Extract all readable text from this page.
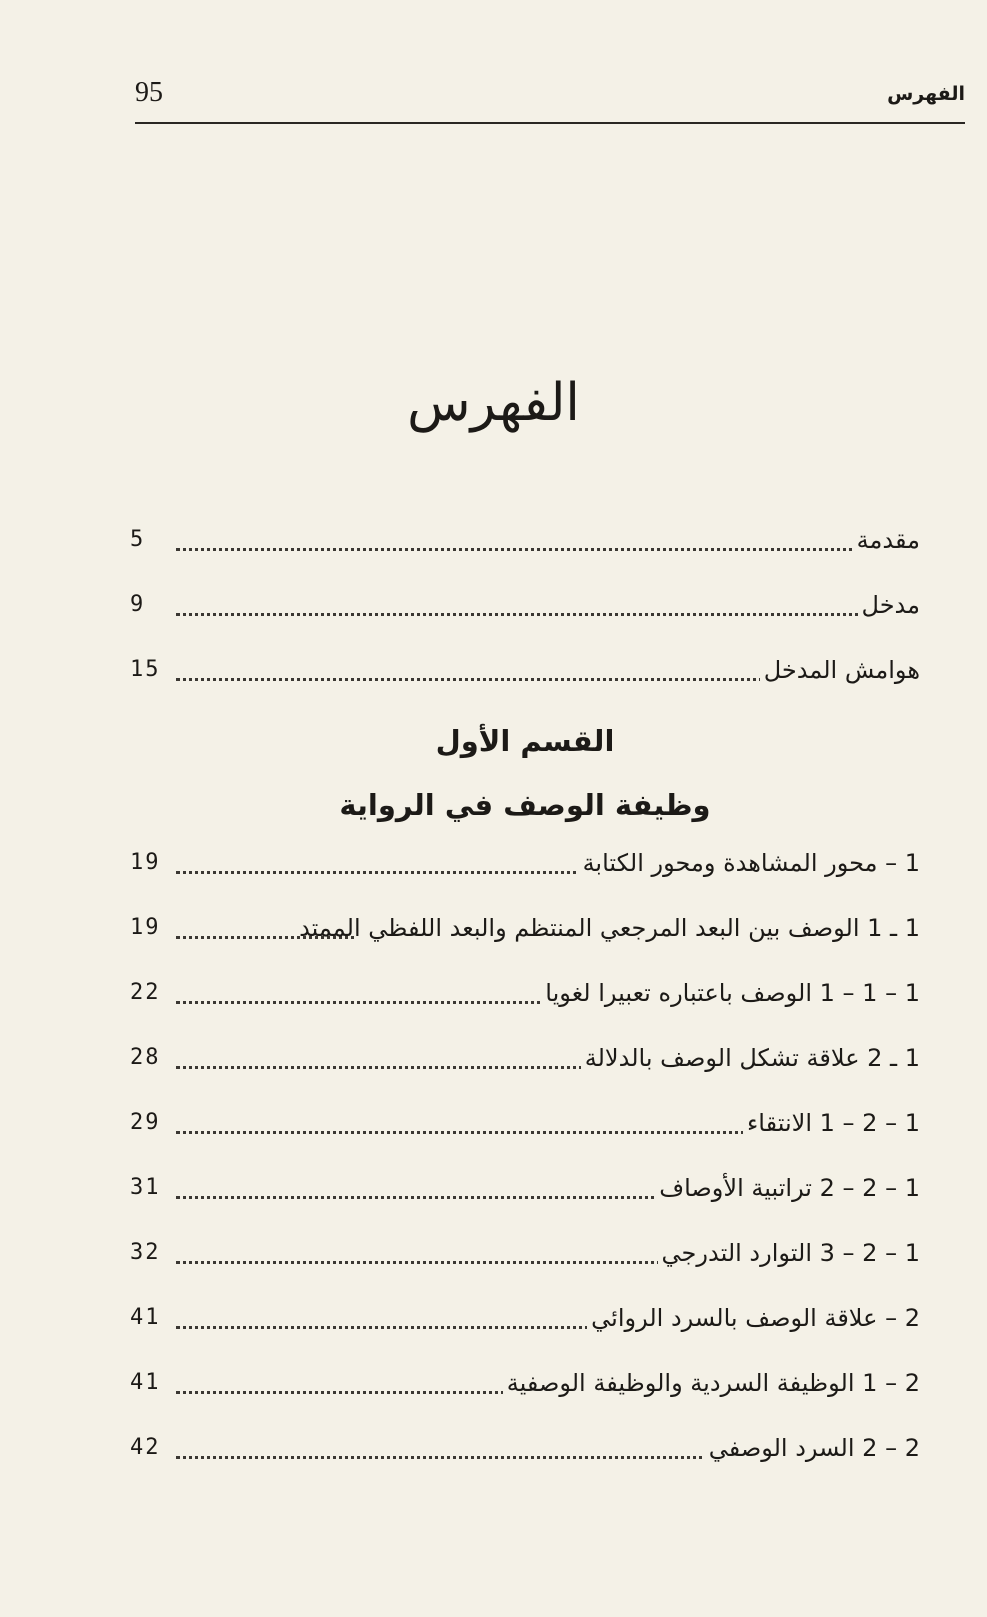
95	الفهرس
الفهرس
مقدمة
5
مدخل
9
هوامش المدخل
15
القسم الأول
وظيفة الوصف في الرواية
1 – محور المشاهدة ومحور الكتابة
19
1 ـ 1 الوصف بين البعد المرجعي المنتظم والبعد اللفظي الممتد
19
1 – 1 – 1 الوصف باعتباره تعبيرا لغويا
22
1 ـ 2 علاقة تشكل الوصف بالدلالة
28
1 – 2 – 1 الانتقاء
29
1 – 2 – 2 تراتبية الأوصاف
31
1 – 2 – 3 التوارد التدرجي
32
2 – علاقة الوصف بالسرد الروائي
41
2 – 1 الوظيفة السردية والوظيفة الوصفية
41
2 – 2 السرد الوصفي
42
